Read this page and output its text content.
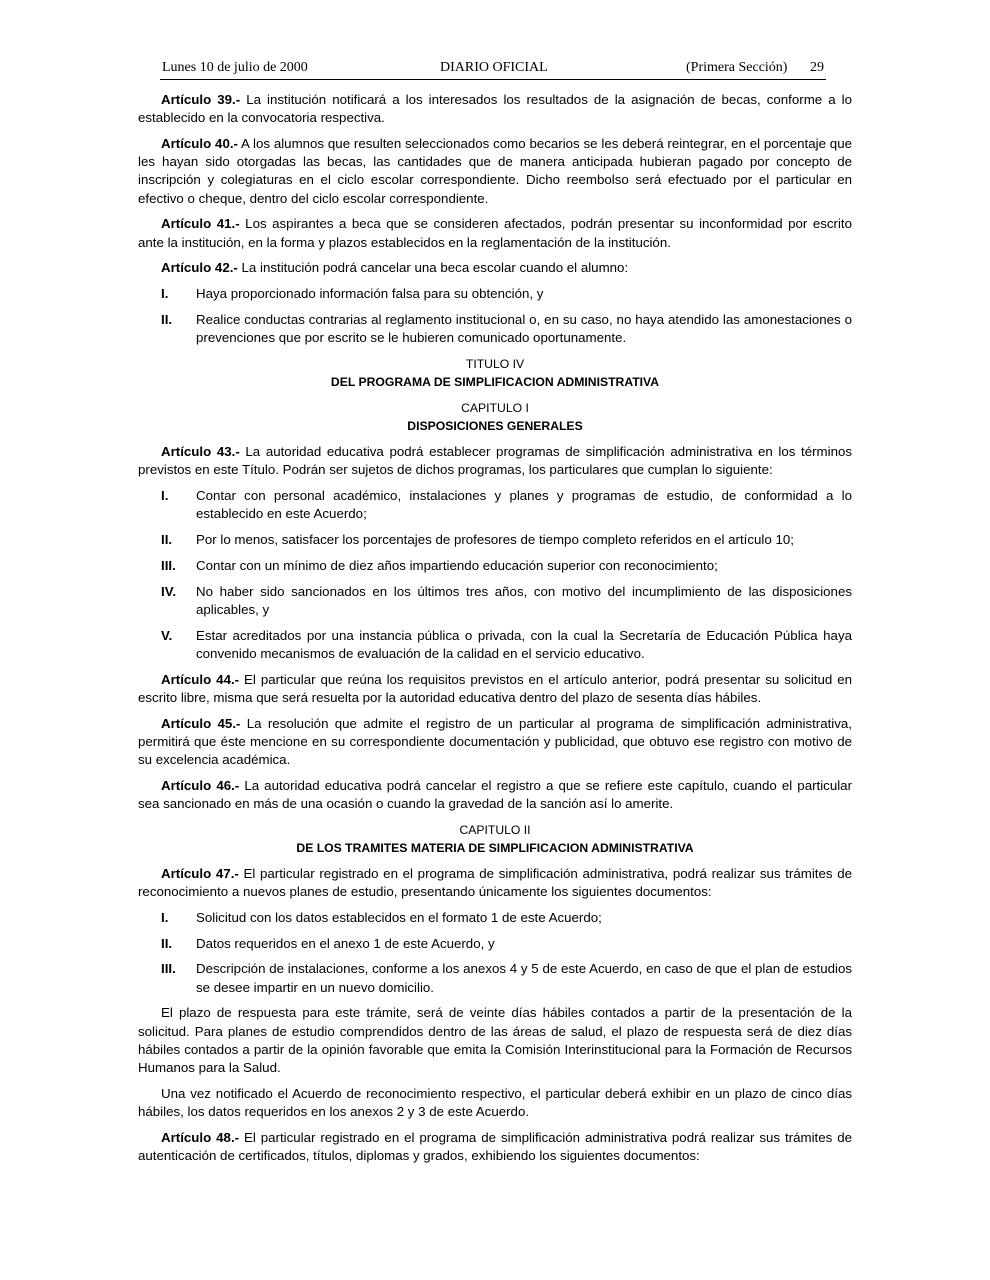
Lunes 10 de julio de 2000	DIARIO OFICIAL	(Primera Sección) 29

Artículo 39.- La institución notificará a los interesados los resultados de la asignación de becas, conforme a lo establecido en la convocatoria respectiva.

Artículo 40.- A los alumnos que resulten seleccionados como becarios se les deberá reintegrar, en el porcentaje que les hayan sido otorgadas las becas, las cantidades que de manera anticipada hubieran pagado por concepto de inscripción y colegiaturas en el ciclo escolar correspondiente. Dicho reembolso será efectuado por el particular en efectivo o cheque, dentro del ciclo escolar correspondiente.

Artículo 41.- Los aspirantes a beca que se consideren afectados, podrán presentar su inconformidad por escrito ante la institución, en la forma y plazos establecidos en la reglamentación de la institución.

Artículo 42.- La institución podrá cancelar una beca escolar cuando el alumno:

I.	Haya proporcionado información falsa para su obtención, y
II.	Realice conductas contrarias al reglamento institucional o, en su caso, no haya atendido las amonestaciones o prevenciones que por escrito se le hubieren comunicado oportunamente.
TITULO IV
DEL PROGRAMA DE SIMPLIFICACION ADMINISTRATIVA
CAPITULO I
DISPOSICIONES GENERALES

Artículo 43.- La autoridad educativa podrá establecer programas de simplificación administrativa en los términos previstos en este Título. Podrán ser sujetos de dichos programas, los particulares que cumplan lo siguiente:

I.	Contar con personal académico, instalaciones y planes y programas de estudio, de conformidad a lo establecido en este Acuerdo;
II.	Por lo menos, satisfacer los porcentajes de profesores de tiempo completo referidos en el artículo 10;
III.	Contar con un mínimo de diez años impartiendo educación superior con reconocimiento;
IV.	No haber sido sancionados en los últimos tres años, con motivo del incumplimiento de las disposiciones aplicables, y
V.	Estar acreditados por una instancia pública o privada, con la cual la Secretaría de Educación Pública haya convenido mecanismos de evaluación de la calidad en el servicio educativo.

Artículo 44.- El particular que reúna los requisitos previstos en el artículo anterior, podrá presentar su solicitud en escrito libre, misma que será resuelta por la autoridad educativa dentro del plazo de sesenta días hábiles.

Artículo 45.- La resolución que admite el registro de un particular al programa de simplificación administrativa, permitirá que éste mencione en su correspondiente documentación y publicidad, que obtuvo ese registro con motivo de su excelencia académica.

Artículo 46.- La autoridad educativa podrá cancelar el registro a que se refiere este capítulo, cuando el particular sea sancionado en más de una ocasión o cuando la gravedad de la sanción así lo amerite.

CAPITULO II
DE LOS TRAMITES MATERIA DE SIMPLIFICACION ADMINISTRATIVA

Artículo 47.- El particular registrado en el programa de simplificación administrativa, podrá realizar sus trámites de reconocimiento a nuevos planes de estudio, presentando únicamente los siguientes documentos:

I.	Solicitud con los datos establecidos en el formato 1 de este Acuerdo;
II.	Datos requeridos en el anexo 1 de este Acuerdo, y
III.	Descripción de instalaciones, conforme a los anexos 4 y 5 de este Acuerdo, en caso de que el plan de estudios se desee impartir en un nuevo domicilio.

El plazo de respuesta para este trámite, será de veinte días hábiles contados a partir de la presentación de la solicitud. Para planes de estudio comprendidos dentro de las áreas de salud, el plazo de respuesta será de diez días hábiles contados a partir de la opinión favorable que emita la Comisión Interinstitucional para la Formación de Recursos Humanos para la Salud.

Una vez notificado el Acuerdo de reconocimiento respectivo, el particular deberá exhibir en un plazo de cinco días hábiles, los datos requeridos en los anexos 2 y 3 de este Acuerdo.

Artículo 48.- El particular registrado en el programa de simplificación administrativa podrá realizar sus trámites de autenticación de certificados, títulos, diplomas y grados, exhibiendo los siguientes documentos:
